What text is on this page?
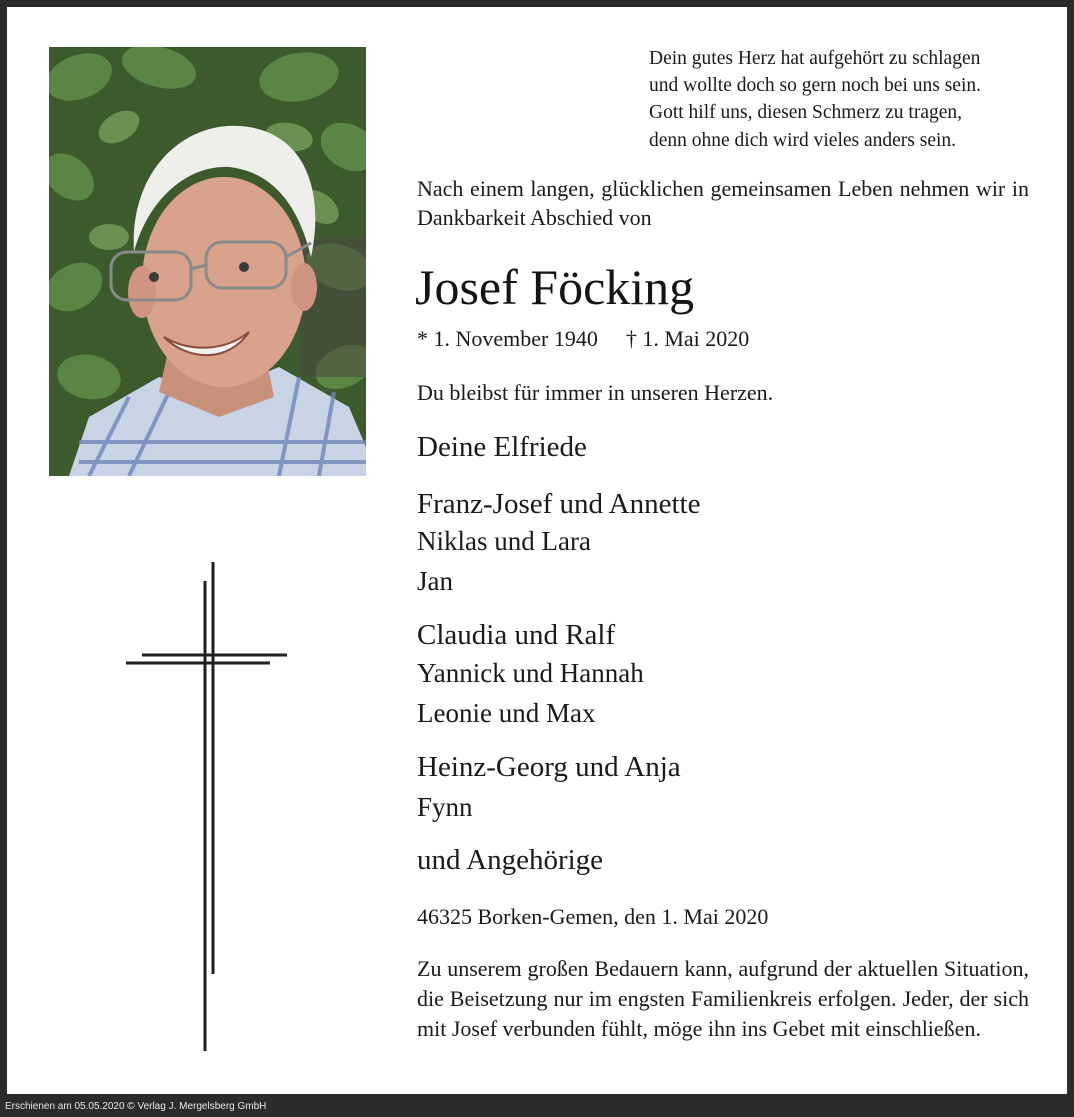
Dein gutes Herz hat aufgehört zu schlagen
und wollte doch so gern noch bei uns sein.
Gott hilf uns, diesen Schmerz zu tragen,
denn ohne dich wird vieles anders sein.
Nach einem langen, glücklichen gemeinsamen Leben nehmen wir in Dankbarkeit Abschied von
Josef Föcking
* 1. November 1940 † 1. Mai 2020
Du bleibst für immer in unseren Herzen.
Deine Elfriede
Franz-Josef und Annette
Niklas und Lara
Jan
Claudia und Ralf
Yannick und Hannah
Leonie und Max
Heinz-Georg und Anja
Fynn
und Angehörige
46325 Borken-Gemen, den 1. Mai 2020
Zu unserem großen Bedauern kann, aufgrund der aktuellen Situation, die Beisetzung nur im engsten Familienkreis erfolgen. Jeder, der sich mit Josef verbunden fühlt, möge ihn ins Gebet mit einschließen.
Erschienen am 05.05.2020 © Verlag J. Mergelsberg GmbH
